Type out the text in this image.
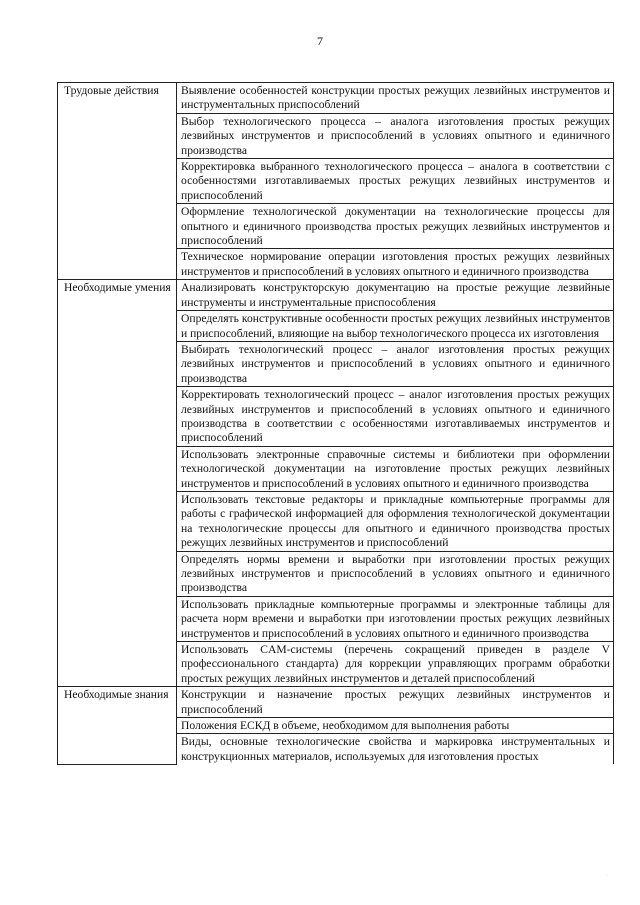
7
Трудовые действия	Выявление особенностей конструкции простых режущих лезвийных инструментов и инструментальных приспособлений
	Выбор технологического процесса – аналога изготовления простых режущих лезвийных инструментов и приспособлений в условиях опытного и единичного производства
	Корректировка выбранного технологического процесса – аналога в соответствии с особенностями изготавливаемых простых режущих лезвийных инструментов и приспособлений
	Оформление технологической документации на технологические процессы для опытного и единичного производства простых режущих лезвийных инструментов и приспособлений
	Техническое нормирование операции изготовления простых режущих лезвийных инструментов и приспособлений в условиях опытного и единичного производства
Необходимые умения	Анализировать конструкторскую документацию на простые режущие лезвийные инструменты и инструментальные приспособления
	Определять конструктивные особенности простых режущих лезвийных инструментов и приспособлений, влияющие на выбор технологического процесса их изготовления
	Выбирать технологический процесс – аналог изготовления простых режущих лезвийных инструментов и приспособлений в условиях опытного и единичного производства
	Корректировать технологический процесс – аналог изготовления простых режущих лезвийных инструментов и приспособлений в условиях опытного и единичного производства в соответствии с особенностями изготавливаемых инструментов и приспособлений
	Использовать электронные справочные системы и библиотеки при оформлении технологической документации на изготовление простых режущих лезвийных инструментов и приспособлений в условиях опытного и единичного производства
	Использовать текстовые редакторы и прикладные компьютерные программы для работы с графической информацией для оформления технологической документации на технологические процессы для опытного и единичного производства простых режущих лезвийных инструментов и приспособлений
	Определять нормы времени и выработки при изготовлении простых режущих лезвийных инструментов и приспособлений в условиях опытного и единичного производства
	Использовать прикладные компьютерные программы и электронные таблицы для расчета норм времени и выработки при изготовлении простых режущих лезвийных инструментов и приспособлений в условиях опытного и единичного производства
	Использовать CAM-системы (перечень сокращений приведен в разделе V профессионального стандарта) для коррекции управляющих программ обработки простых режущих лезвийных инструментов и деталей приспособлений
Необходимые знания	Конструкции и назначение простых режущих лезвийных инструментов и приспособлений
	Положения ЕСКД в объеме, необходимом для выполнения работы
	Виды, основные технологические свойства и маркировка инструментальных и конструкционных материалов, используемых для изготовления простых
·
